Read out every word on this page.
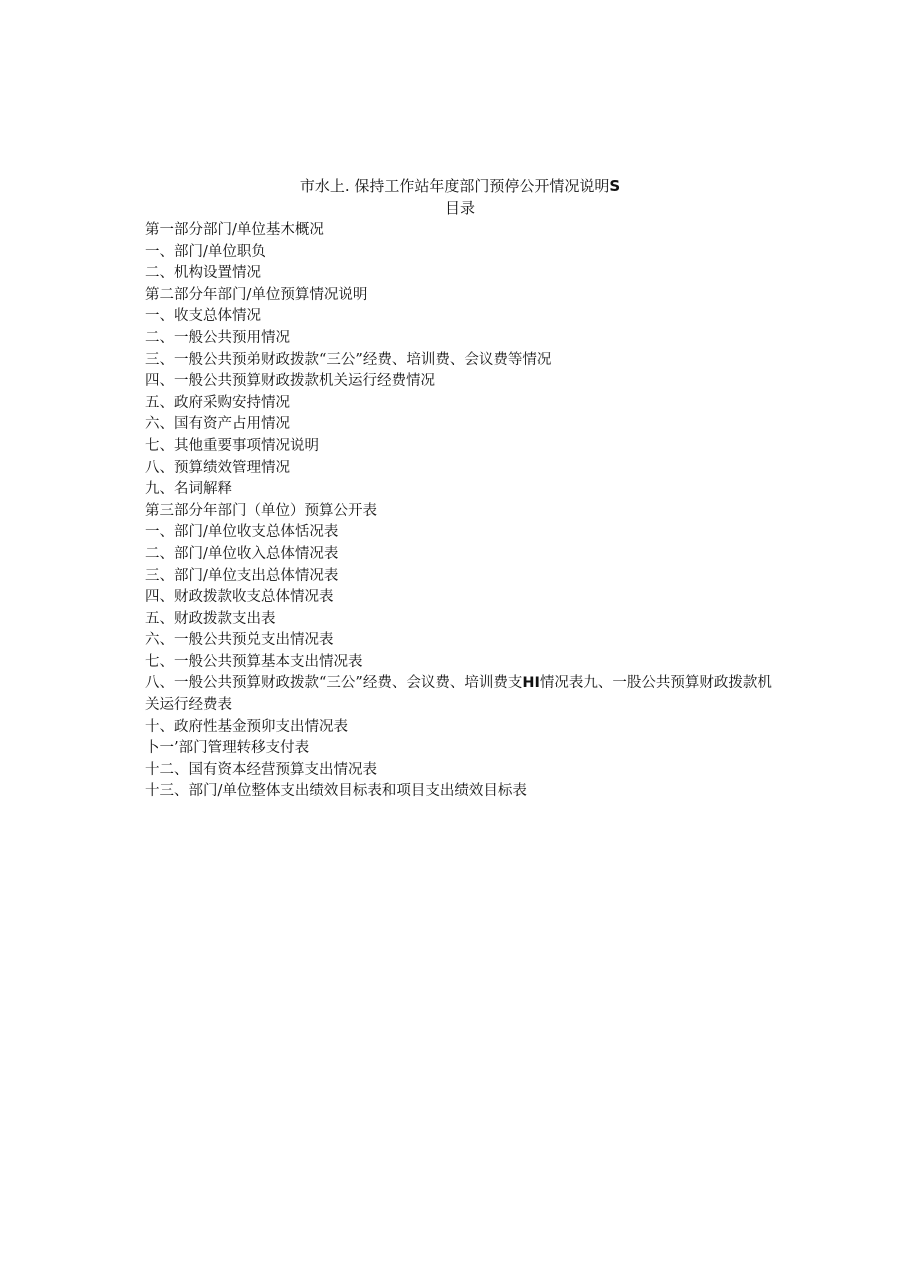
市水上. 保持工作站年度部门预停公开情况说明S
目录
第一部分部门/单位基木概况
一、部门/单位职负
二、机构设置情况
第二部分年部门/单位预算情况说明
一、收支总体情况
二、一般公共预用情况
三、一般公共预弟财政拨款“三公”经费、培训费、会议费等情况
四、一般公共预算财政拨款机关运行经费情况
五、政府采购安持情况
六、国有资产占用情况
七、其他重要事项情况说明
八、预算绩效管理情况
九、名词解释
第三部分年部门（单位）预算公开表
一、部门/单位收支总体恬况表
二、部门/单位收入总体情况表
三、部门/单位支出总体情况表
四、财政拨款收支总体情况表
五、财政拨款支出表
六、一般公共预兑支出情况表
七、一般公共预算基本支出情况表
八、一般公共预算财政拨款“三公”经费、会议费、培训费支HI情况表九、一股公共预算财政拨款机关运行经费表
十、政府性基金预卯支出情况表
卜一’部门管理转移支付表
十二、国有资本经营预算支出情况表
十三、部门/单位整体支出绩效目标表和项目支出绩效目标表
